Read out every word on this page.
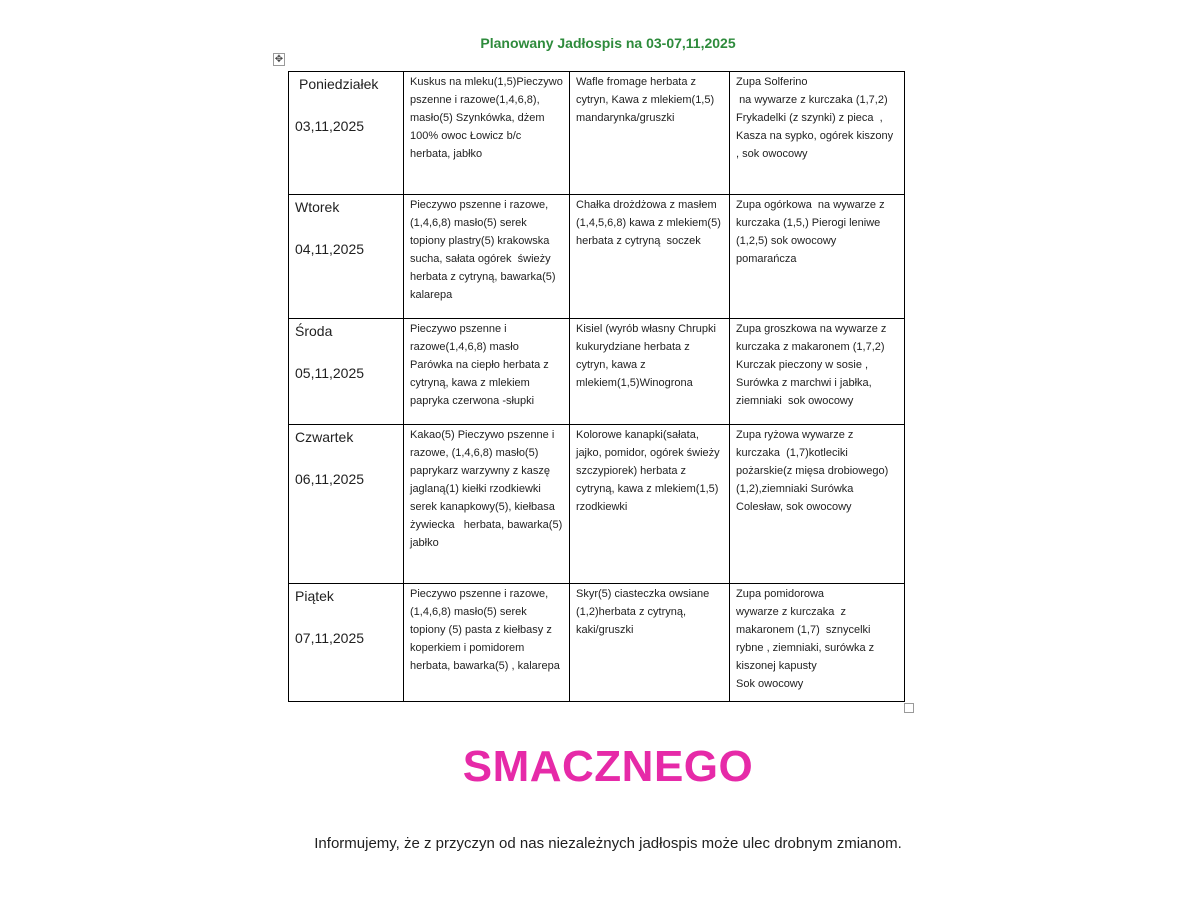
Planowany Jadłospis na 03-07,11,2025
✥
Poniedziałek
03,11,2025	Kuskus na mleku(1,5)Pieczywo pszenne i razowe(1,4,6,8), masło(5) Szynkówka, dżem 100% owoc Łowicz b/c  herbata, jabłko	Wafle fromage herbata z cytryn, Kawa z mlekiem(1,5) mandarynka/gruszki	Zupa Solferino
na wywarze z kurczaka (1,7,2) Frykadelki (z szynki) z pieca  , Kasza na sypko, ogórek kiszony , sok owocowy

Wtorek
04,11,2025	Pieczywo pszenne i razowe, (1,4,6,8) masło(5) serek topiony plastry(5) krakowska sucha, sałata ogórek  świeży herbata z cytryną, bawarka(5) kalarepa	Chałka drożdżowa z masłem (1,4,5,6,8) kawa z mlekiem(5) herbata z cytryną  soczek	Zupa ogórkowa  na wywarze z kurczaka (1,5,) Pierogi leniwe (1,2,5) sok owocowy   pomarańcza

Środa
05,11,2025	Pieczywo pszenne i razowe(1,4,6,8) masło Parówka na ciepło herbata z cytryną, kawa z mlekiem papryka czerwona -słupki	Kisiel (wyrób własny Chrupki kukurydziane herbata z cytryn, kawa z mlekiem(1,5)Winogrona	Zupa groszkowa na wywarze z kurczaka z makaronem (1,7,2) Kurczak pieczony w sosie , Surówka z marchwi i jabłka, ziemniaki  sok owocowy

Czwartek
06,11,2025	Kakao(5) Pieczywo pszenne i  razowe, (1,4,6,8) masło(5) paprykarz warzywny z kaszę jaglaną(1) kiełki rzodkiewki serek kanapkowy(5), kiełbasa żywiecka   herbata, bawarka(5) jabłko	Kolorowe kanapki(sałata, jajko, pomidor, ogórek świeży szczypiorek) herbata z cytryną, kawa z mlekiem(1,5) rzodkiewki	Zupa ryżowa wywarze z kurczaka  (1,7)kotleciki pożarskie(z mięsa drobiowego)(1,2),ziemniaki Surówka Colesław, sok owocowy

Piątek
07,11,2025	Pieczywo pszenne i razowe, (1,4,6,8) masło(5) serek topiony (5) pasta z kiełbasy z koperkiem i pomidorem herbata, bawarka(5) , kalarepa	Skyr(5) ciasteczka owsiane (1,2)herbata z cytryną, kaki/gruszki	Zupa pomidorowa
wywarze z kurczaka  z makaronem (1,7)  sznycelki rybne , ziemniaki, surówka z kiszonej kapusty
Sok owocowy
SMACZNEGO

Informujemy, że z przyczyn od nas niezależnych jadłospis może ulec drobnym zmianom.
